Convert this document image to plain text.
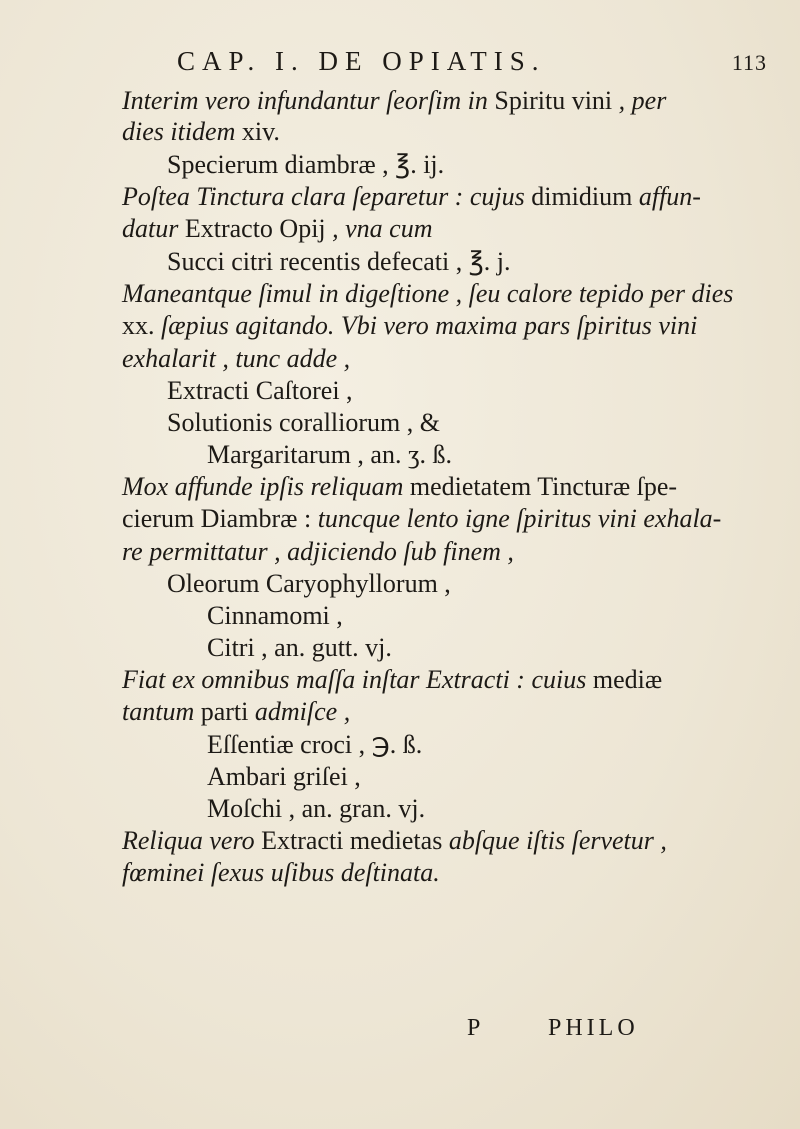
CAP. I. DE OPIATIS.	113
Interim vero infundantur ſeorſim in Spiritu vini , per
dies itidem xiv.
Specierum diambræ , ℥. ij.
Poſtea Tinctura clara ſeparetur : cujus dimidium affun-
datur Extracto Opij , vna cum
Succi citri recentis defecati , ℥. j.
Maneantque ſimul in digeſtione , ſeu calore tepido per dies
xx. ſæpius agitando. Vbi vero maxima pars ſpiritus vini
exhalarit , tunc adde ,
Extracti Caſtorei ,
Solutionis coralliorum , &
Margaritarum , an. ʒ. ß.
Mox affunde ipſis reliquam medietatem Tincturæ ſpe-
cierum Diambræ : tuncque lento igne ſpiritus vini exhala-
re permittatur , adjiciendo ſub finem ,
Oleorum Caryophyllorum ,
Cinnamomi ,
Citri , an. gutt. vj.
Fiat ex omnibus maſſa inſtar Extracti : cuius mediæ
tantum parti admiſce ,
Eſſentiæ croci , ℈. ß.
Ambari griſei ,
Moſchi , an. gran. vj.
Reliqua vero Extracti medietas abſque iſtis ſervetur ,
fœminei ſexus uſibus deſtinata.
P	PHILO
